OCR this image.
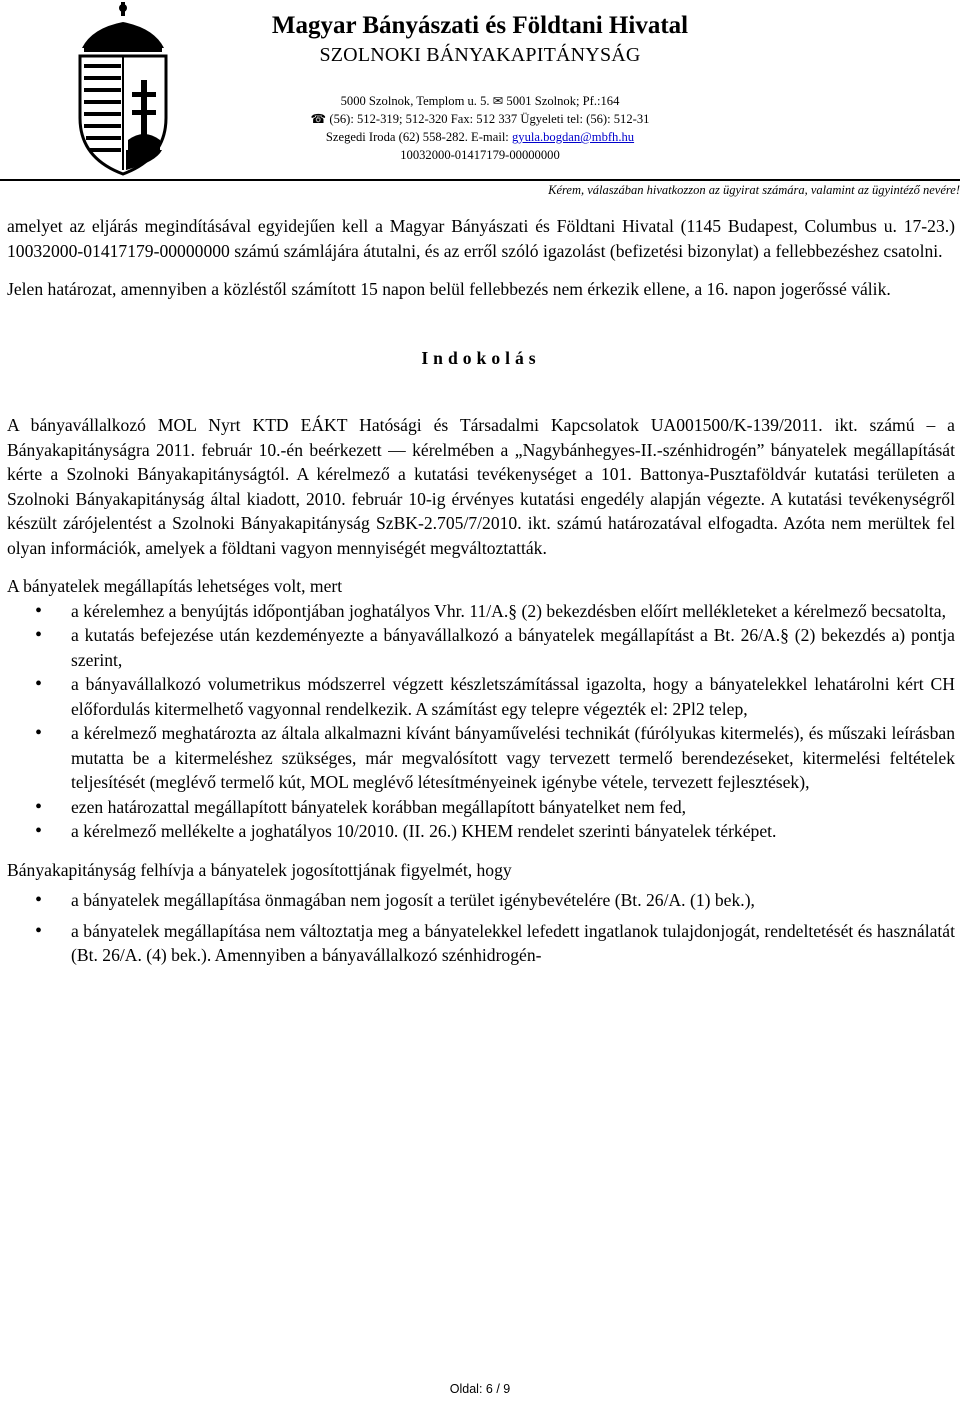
Magyar Bányászati és Földtani Hivatal
SZOLNOKI BÁNYAKAPITÁNYSÁG
5000 Szolnok, Templom u. 5. ✉ 5001 Szolnok; Pf.:164
☎ (56): 512-319; 512-320 Fax: 512 337 Ügyeleti tel: (56): 512-31
Szegedi Iroda (62) 558-282. E-mail: gyula.bogdan@mbfh.hu
10032000-01417179-00000000
Kérem, válaszában hivatkozzon az ügyirat számára, valamint az ügyintéző nevére!

amelyet az eljárás megindításával egyidejűen kell a Magyar Bányászati és Földtani Hivatal (1145 Budapest, Columbus u. 17-23.) 10032000-01417179-00000000 számú számlájára átutalni, és az erről szóló igazolást (befizetési bizonylat) a fellebbezéshez csatolni.

Jelen határozat, amennyiben a közléstől számított 15 napon belül fellebbezés nem érkezik ellene, a 16. napon jogerőssé válik.

Indokolás

A bányavállalkozó MOL Nyrt KTD EÁKT Hatósági és Társadalmi Kapcsolatok UA001500/K-139/2011. ikt. számú – a Bányakapitányságra 2011. február 10.-én beérkezett — kérelmében a „Nagybánhegyes-II.-szénhidrogén” bányatelek megállapítását kérte a Szolnoki Bányakapitányságtól. A kérelmező a kutatási tevékenységet a 101. Battonya-Pusztaföldvár kutatási területen a Szolnoki Bányakapitányság által kiadott, 2010. február 10-ig érvényes kutatási engedély alapján végezte. A kutatási tevékenységről készült zárójelentést a Szolnoki Bányakapitányság SzBK-2.705/7/2010. ikt. számú határozatával elfogadta. Azóta nem merültek fel olyan információk, amelyek a földtani vagyon mennyiségét megváltoztatták.

A bányatelek megállapítás lehetséges volt, mert

• a kérelemhez a benyújtás időpontjában joghatályos Vhr. 11/A.§ (2) bekezdésben előírt mellékleteket a kérelmező becsatolta,
• a kutatás befejezése után kezdeményezte a bányavállalkozó a bányatelek megállapítást a Bt. 26/A.§ (2) bekezdés a) pontja szerint,
• a bányavállalkozó volumetrikus módszerrel végzett készletszámítással igazolta, hogy a bányatelekkel lehatárolni kért CH előfordulás kitermelhető vagyonnal rendelkezik. A számítást egy telepre végezték el: 2Pl2 telep,
• a kérelmező meghatározta az általa alkalmazni kívánt bányaművelési technikát (fúrólyukas kitermelés), és műszaki leírásban mutatta be a kitermeléshez szükséges, már megvalósított vagy tervezett termelő berendezéseket, kitermelési feltételek teljesítését (meglévő termelő kút, MOL meglévő létesítményeinek igénybe vétele, tervezett fejlesztések),
• ezen határozattal megállapított bányatelek korábban megállapított bányatelket nem fed,
• a kérelmező mellékelte a joghatályos 10/2010. (II. 26.) KHEM rendelet szerinti bányatelek térképet.

Bányakapitányság felhívja a bányatelek jogosítottjának figyelmét, hogy

• a bányatelek megállapítása önmagában nem jogosít a terület igénybevételére (Bt. 26/A. (1) bek.),
• a bányatelek megállapítása nem változtatja meg a bányatelekkel lefedett ingatlanok tulajdonjogát, rendeltetését és használatát (Bt. 26/A. (4) bek.). Amennyiben a bányavállalkozó szénhidrogén-
Oldal: 6 / 9
